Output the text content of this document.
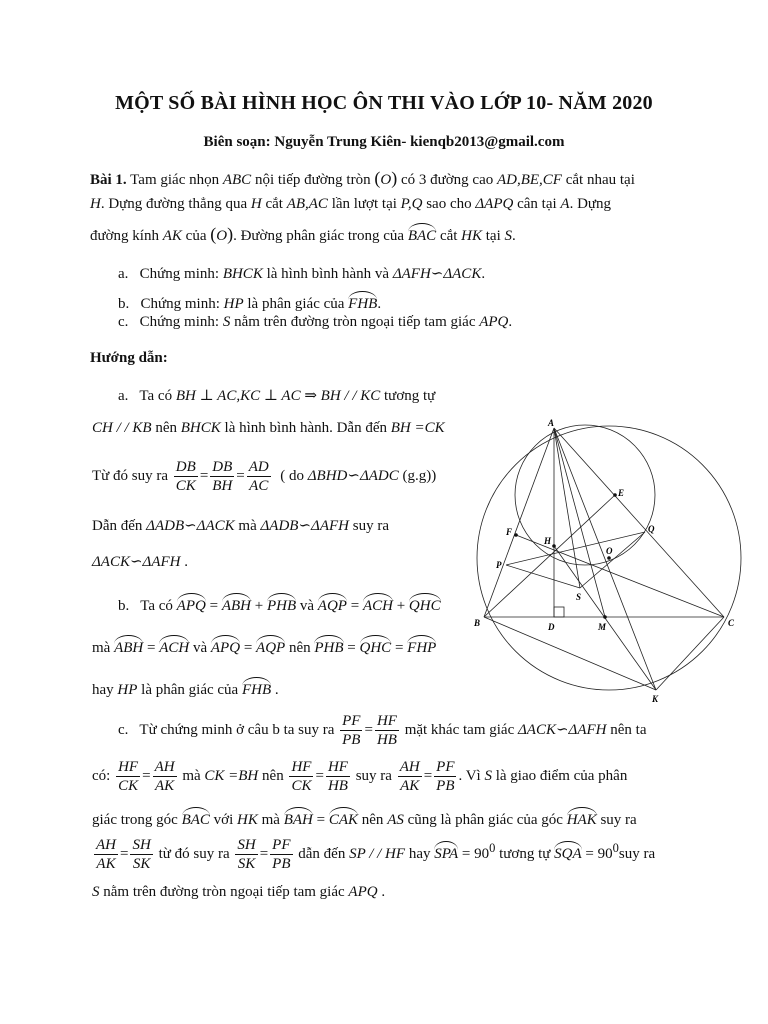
MỘT SỐ BÀI HÌNH HỌC ÔN THI VÀO LỚP 10- NĂM 2020
Biên soạn: Nguyễn Trung Kiên- kienqb2013@gmail.com
Bài 1. Tam giác nhọn ABC nội tiếp đường tròn (O) có 3 đường cao AD,BE,CF cắt nhau tại
H. Dựng đường thẳng qua H cắt AB,AC lần lượt tại P,Q sao cho ΔAPQ cân tại A. Dựng
đường kính AK của (O). Đường phân giác trong của BAC cắt HK tại S.
a. Chứng minh: BHCK là hình bình hành và ΔAFH∽ΔACK.
b. Chứng minh: HP là phân giác của FHB.
c. Chứng minh: S nằm trên đường tròn ngoại tiếp tam giác APQ.
Hướng dẫn:
a. Ta có BH ⊥ AC,KC ⊥ AC ⇒ BH / / KC tương tự
CH / / KB nên BHCK là hình bình hành. Dẫn đến BH =CK
Từ đó suy ra $\frac{DB}{CK} = \frac{DB}{BH} = \frac{AD}{AC}$ ( do ΔBHD∽ΔADC (g.g))
Dẫn đến ΔADB∽ΔACK mà ΔADB∽ΔAFH suy ra
ΔACK∽ΔAFH .
b. Ta có APQ = ABH + PHB và AQP = ACH + QHC
mà ABH = ACH và APQ = AQP nên PHB = QHC = FHP
hay HP là phân giác của FHB .
c. Từ chứng minh ở câu b ta suy ra $\frac{PF}{PB} = \frac{HF}{HB}$ mặt khác tam giác ΔACK∽ΔAFH nên ta
có: $\frac{HF}{CK} = \frac{AH}{AK}$ mà CK =BH nên $\frac{HF}{CK} = \frac{HF}{HB}$ suy ra $\frac{AH}{AK} = \frac{PF}{PB}$ . Vì S là giao điểm của phân
giác trong góc BAC với HK mà BAH = CAK nên AS cũng là phân giác của góc HAK suy ra
$\frac{AH}{AK} = \frac{SH}{SK}$ từ đó suy ra $\frac{SH}{SK} = \frac{PF}{PB}$ dẫn đến SP / / HF hay SPA = $90^0$ tương tự SQA = $90^0suy$ ra
S nằm trên đường tròn ngoại tiếp tam giác APQ .
A
B	C
D
E
F
H
K
M
O
P
Q
S
